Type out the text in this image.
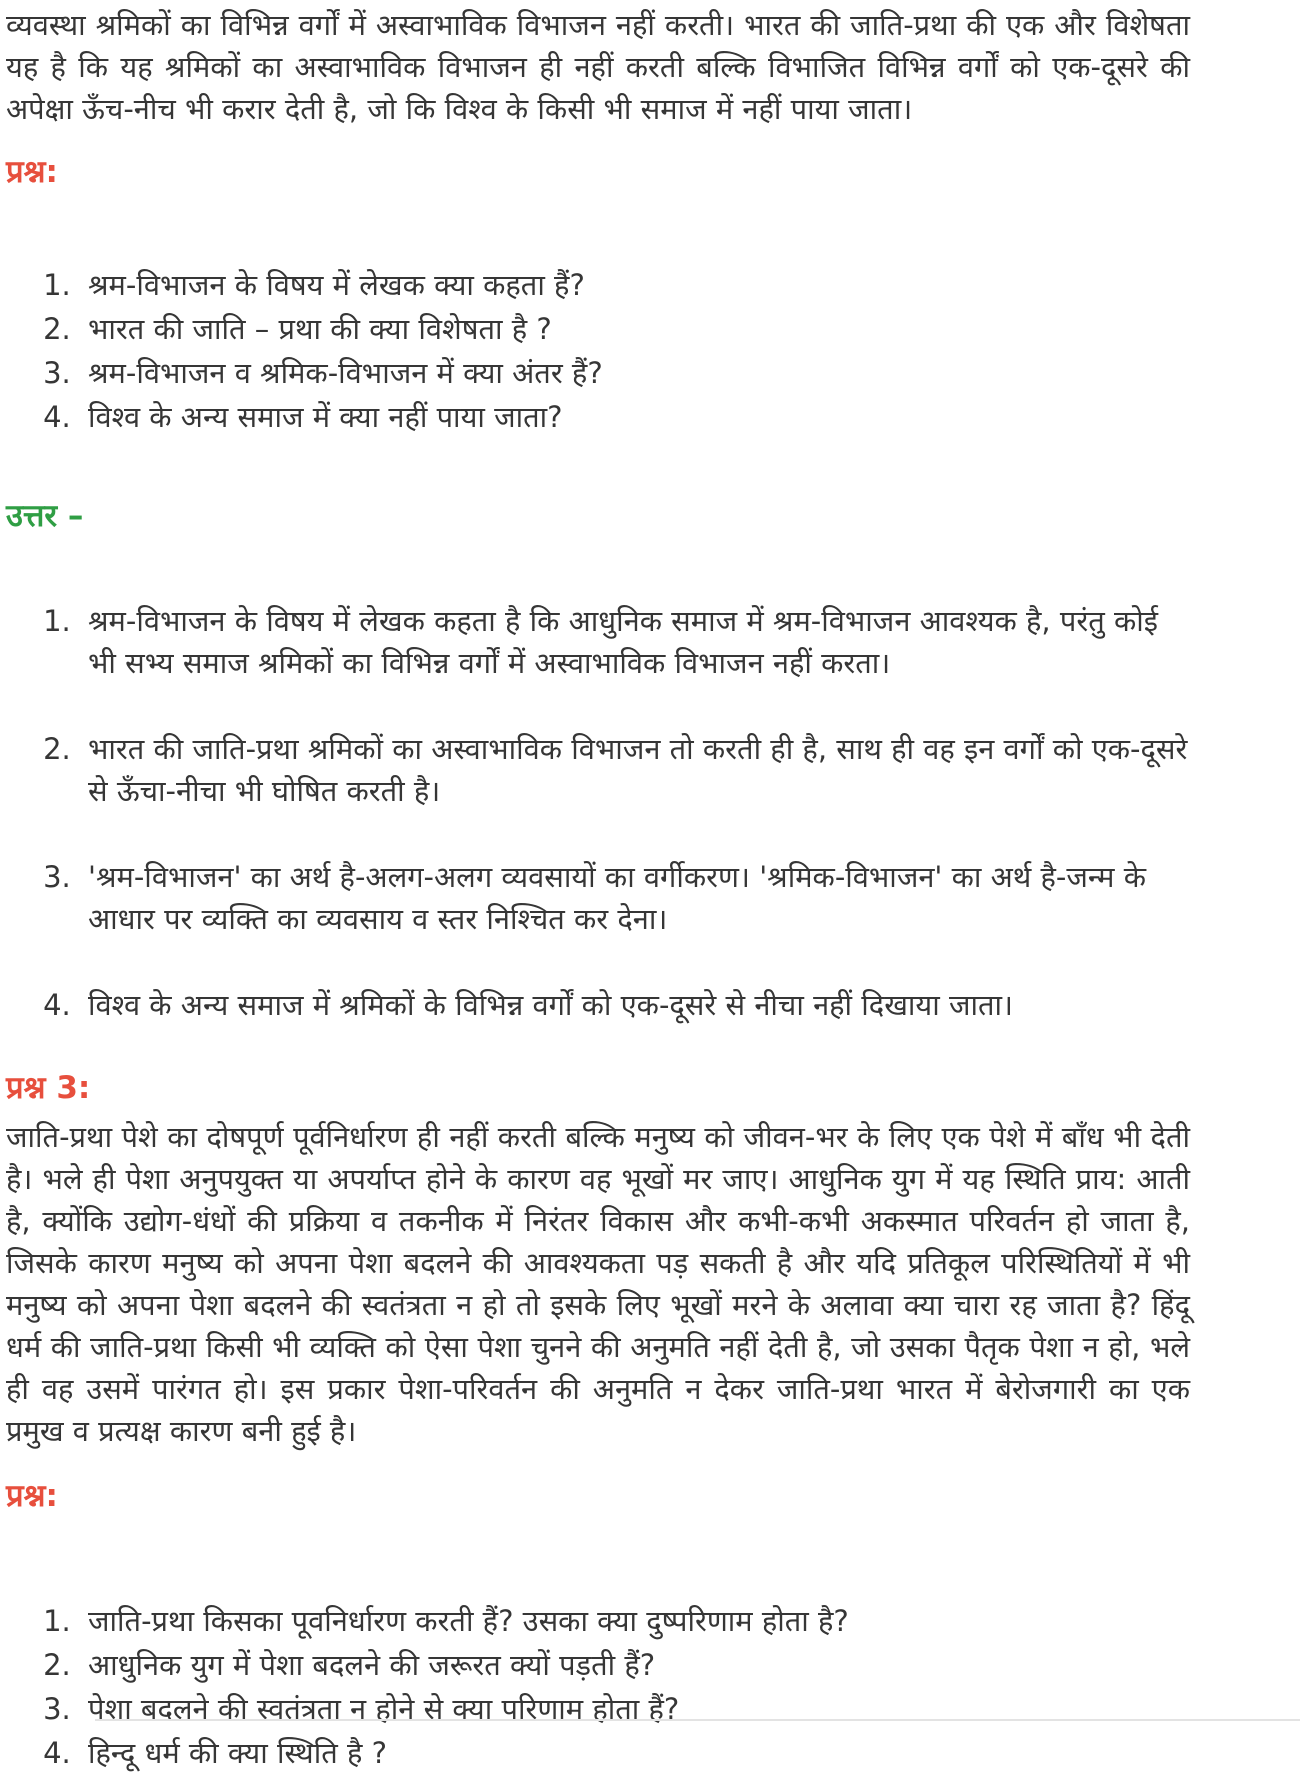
व्यवस्था श्रमिकों का विभिन्न वर्गों में अस्वाभाविक विभाजन नहीं करती। भारत की जाति-प्रथा की एक और विशेषता यह है कि यह श्रमिकों का अस्वाभाविक विभाजन ही नहीं करती बल्कि विभाजित विभिन्न वर्गों को एक-दूसरे की अपेक्षा ऊँच-नीच भी करार देती है, जो कि विश्व के किसी भी समाज में नहीं पाया जाता।

प्रश्न:
1. श्रम-विभाजन के विषय में लेखक क्या कहता हैं?
2. भारत की जाति – प्रथा की क्या विशेषता है ?
3. श्रम-विभाजन व श्रमिक-विभाजन में क्या अंतर हैं?
4. विश्व के अन्य समाज में क्या नहीं पाया जाता?
उत्तर –
1. श्रम-विभाजन के विषय में लेखक कहता है कि आधुनिक समाज में श्रम-विभाजन आवश्यक है, परंतु कोई भी सभ्य समाज श्रमिकों का विभिन्न वर्गों में अस्वाभाविक विभाजन नहीं करता।
2. भारत की जाति-प्रथा श्रमिकों का अस्वाभाविक विभाजन तो करती ही है, साथ ही वह इन वर्गों को एक-दूसरे से ऊँचा-नीचा भी घोषित करती है।
3. 'श्रम-विभाजन' का अर्थ है-अलग-अलग व्यवसायों का वर्गीकरण। 'श्रमिक-विभाजन' का अर्थ है-जन्म के आधार पर व्यक्ति का व्यवसाय व स्तर निश्चित कर देना।
4. विश्व के अन्य समाज में श्रमिकों के विभिन्न वर्गों को एक-दूसरे से नीचा नहीं दिखाया जाता।
प्रश्न 3:

जाति-प्रथा पेशे का दोषपूर्ण पूर्वनिर्धारण ही नहीं करती बल्कि मनुष्य को जीवन-भर के लिए एक पेशे में बाँध भी देती है। भले ही पेशा अनुपयुक्त या अपर्याप्त होने के कारण वह भूखों मर जाए। आधुनिक युग में यह स्थिति प्राय: आती है, क्योंकि उद्योग-धंधों की प्रक्रिया व तकनीक में निरंतर विकास और कभी-कभी अकस्मात परिवर्तन हो जाता है, जिसके कारण मनुष्य को अपना पेशा बदलने की आवश्यकता पड़ सकती है और यदि प्रतिकूल परिस्थितियों में भी मनुष्य को अपना पेशा बदलने की स्वतंत्रता न हो तो इसके लिए भूखों मरने के अलावा क्या चारा रह जाता है? हिंदू धर्म की जाति-प्रथा किसी भी व्यक्ति को ऐसा पेशा चुनने की अनुमति नहीं देती है, जो उसका पैतृक पेशा न हो, भले ही वह उसमें पारंगत हो। इस प्रकार पेशा-परिवर्तन की अनुमति न देकर जाति-प्रथा भारत में बेरोजगारी का एक प्रमुख व प्रत्यक्ष कारण बनी हुई है।

प्रश्न:
1. जाति-प्रथा किसका पूवनिर्धारण करती हैं? उसका क्या दुष्परिणाम होता है?
2. आधुनिक युग में पेशा बदलने की जरूरत क्यों पड़ती हैं?
3. पेशा बदलने की स्वतंत्रता न होने से क्या परिणाम होता हैं?
4. हिन्दू धर्म की क्या स्थिति है ?
